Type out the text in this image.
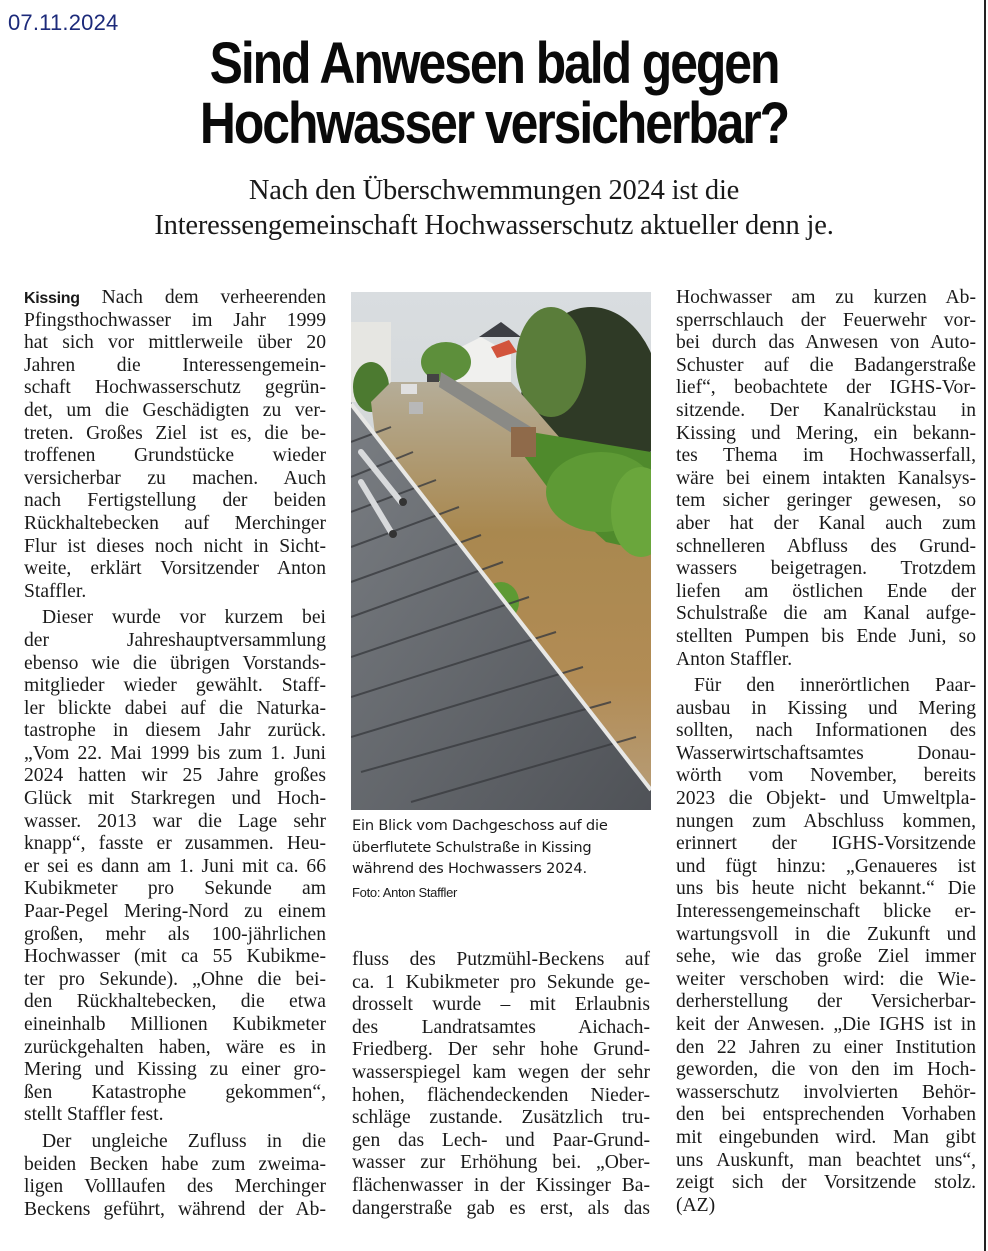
07.11.2024
Sind Anwesen bald gegen
Hochwasser versicherbar?
Nach den Überschwemmungen 2024 ist die
Interessengemeinschaft Hochwasserschutz aktueller denn je.
Kissing Nach dem verheerenden
Pfingsthochwasser im Jahr 1999
hat sich vor mittlerweile über 20
Jahren die Interessengemein-
schaft Hochwasserschutz gegrün-
det, um die Geschädigten zu ver-
treten. Großes Ziel ist es, die be-
troffenen Grundstücke wieder
versicherbar zu machen. Auch
nach Fertigstellung der beiden
Rückhaltebecken auf Merchinger
Flur ist dieses noch nicht in Sicht-
weite, erklärt Vorsitzender Anton
Staffler.
Dieser wurde vor kurzem bei
der Jahreshauptversammlung
ebenso wie die übrigen Vorstands-
mitglieder wieder gewählt. Staff-
ler blickte dabei auf die Naturka-
tastrophe in diesem Jahr zurück.
„Vom 22. Mai 1999 bis zum 1. Juni
2024 hatten wir 25 Jahre großes
Glück mit Starkregen und Hoch-
wasser. 2013 war die Lage sehr
knapp“, fasste er zusammen. Heu-
er sei es dann am 1. Juni mit ca. 66
Kubikmeter pro Sekunde am
Paar-Pegel Mering-Nord zu einem
großen, mehr als 100-jährlichen
Hochwasser (mit ca 55 Kubikme-
ter pro Sekunde). „Ohne die bei-
den Rückhaltebecken, die etwa
eineinhalb Millionen Kubikmeter
zurückgehalten haben, wäre es in
Mering und Kissing zu einer gro-
ßen Katastrophe gekommen“,
stellt Staffler fest.
Der ungleiche Zufluss in die
beiden Becken habe zum zweima-
ligen Volllaufen des Merchinger
Beckens geführt, während der Ab-
Ein Blick vom Dachgeschoss auf die
überflutete Schulstraße in Kissing
während des Hochwassers 2024.
Foto: Anton Staffler
fluss des Putzmühl-Beckens auf
ca. 1 Kubikmeter pro Sekunde ge-
drosselt wurde – mit Erlaubnis
des Landratsamtes Aichach-
Friedberg. Der sehr hohe Grund-
wasserspiegel kam wegen der sehr
hohen, flächendeckenden Nieder-
schläge zustande. Zusätzlich tru-
gen das Lech- und Paar-Grund-
wasser zur Erhöhung bei. „Ober-
flächenwasser in der Kissinger Ba-
dangerstraße gab es erst, als das
Hochwasser am zu kurzen Ab-
sperrschlauch der Feuerwehr vor-
bei durch das Anwesen von Auto-
Schuster auf die Badangerstraße
lief“, beobachtete der IGHS-Vor-
sitzende. Der Kanalrückstau in
Kissing und Mering, ein bekann-
tes Thema im Hochwasserfall,
wäre bei einem intakten Kanalsys-
tem sicher geringer gewesen, so
aber hat der Kanal auch zum
schnelleren Abfluss des Grund-
wassers beigetragen. Trotzdem
liefen am östlichen Ende der
Schulstraße die am Kanal aufge-
stellten Pumpen bis Ende Juni, so
Anton Staffler.
Für den innerörtlichen Paar-
ausbau in Kissing und Mering
sollten, nach Informationen des
Wasserwirtschaftsamtes Donau-
wörth vom November, bereits
2023 die Objekt- und Umweltpla-
nungen zum Abschluss kommen,
erinnert der IGHS-Vorsitzende
und fügt hinzu: „Genaueres ist
uns bis heute nicht bekannt.“ Die
Interessengemeinschaft blicke er-
wartungsvoll in die Zukunft und
sehe, wie das große Ziel immer
weiter verschoben wird: die Wie-
derherstellung der Versicherbar-
keit der Anwesen. „Die IGHS ist in
den 22 Jahren zu einer Institution
geworden, die von den im Hoch-
wasserschutz involvierten Behör-
den bei entsprechenden Vorhaben
mit eingebunden wird. Man gibt
uns Auskunft, man beachtet uns“,
zeigt sich der Vorsitzende stolz.
(AZ)
